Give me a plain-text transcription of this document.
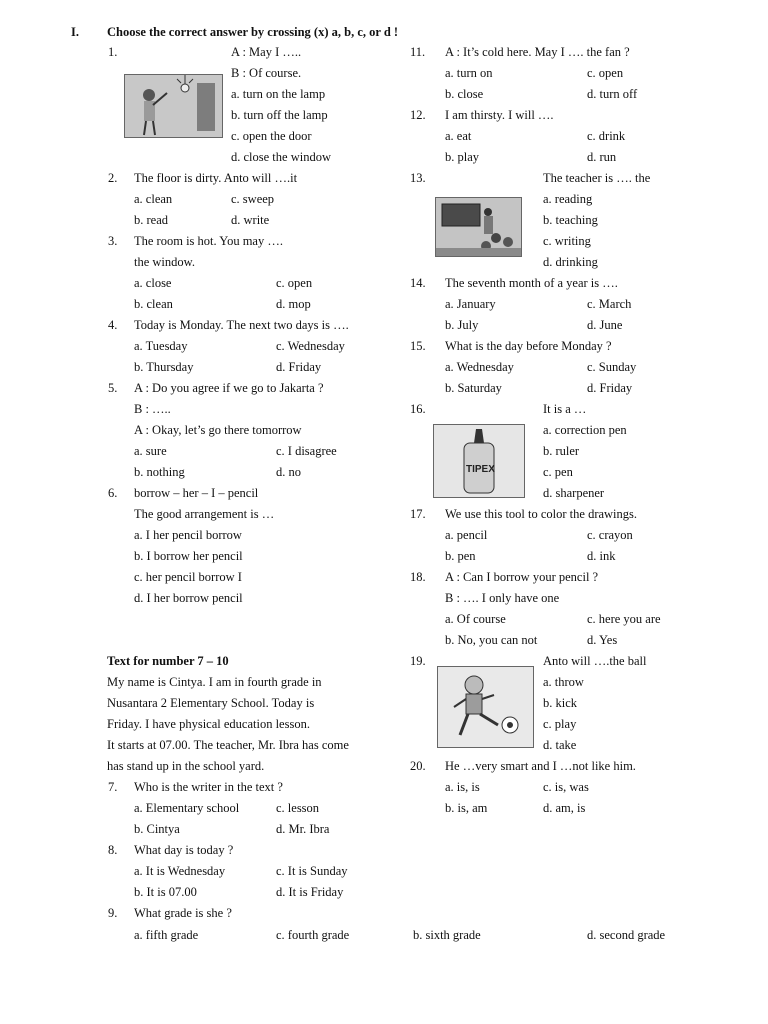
I. Choose the correct answer by crossing (x) a, b, c, or d !
1.	A : May I …..
B : Of course.
a. turn on the lamp
b. turn off the lamp
c. open the door
d. close the window
2. The floor is dirty. Anto will ….it
a. clean
b. read
c. sweep
d. write
3. The room is hot. You may ….
the window.
a. close
b. clean
c. open
d. mop
4. Today is Monday. The next two days is ….
a. Tuesday
b. Thursday
c. Wednesday
d. Friday
5. A : Do you agree if we go to Jakarta ?
B : …..
A : Okay, let’s go there tomorrow
a. sure
b. nothing
c. I disagree
d. no
6. borrow – her – I – pencil
The good arrangement is …
a. I her pencil borrow
b. I borrow her pencil
c. her pencil borrow I
d. I her borrow pencil
Text for number 7 – 10
My name is Cintya. I am in fourth grade in
Nusantara 2 Elementary School. Today is
Friday. I have physical education lesson.
It starts at 07.00. The teacher, Mr. Ibra has come
has stand up in the school yard.
7. Who is the writer in the text ?
a. Elementary school
b. Cintya
c. lesson
d. Mr. Ibra
8. What day is today ?
a. It is Wednesday
b. It is 07.00
c. It is Sunday
d. It is Friday
9. What grade is she ?
a. fifth grade	c. fourth grade	b. sixth grade	d. second grade
11. A : It’s cold here. May I …. the fan ?
a. turn on
b. close
c. open
d. turn off
12. I am thirsty. I will ….
a. eat
b. play
c. drink
d. run
13.	The teacher is …. the
a. reading
b. teaching
c. writing
d. drinking
14. The seventh month of a year is ….
a. January
b. July
c. March
d. June
15. What is the day before Monday ?
a. Wednesday
b. Saturday
c. Sunday
d. Friday
16.	It is a …
a. correction pen
b. ruler
c. pen
d. sharpener
TIPEX
17. We use this tool to color the drawings.
a. pencil
b. pen
c. crayon
d. ink
18. A : Can I borrow your pencil ?
B : …. I only have one
a. Of course
b. No, you can not
c. here you are
d. Yes
19.	Anto will ….the ball
a. throw
b. kick
c. play
d. take
20. He …very smart and I …not like him.
a. is, is
b. is, am
c. is, was
d. am, is
